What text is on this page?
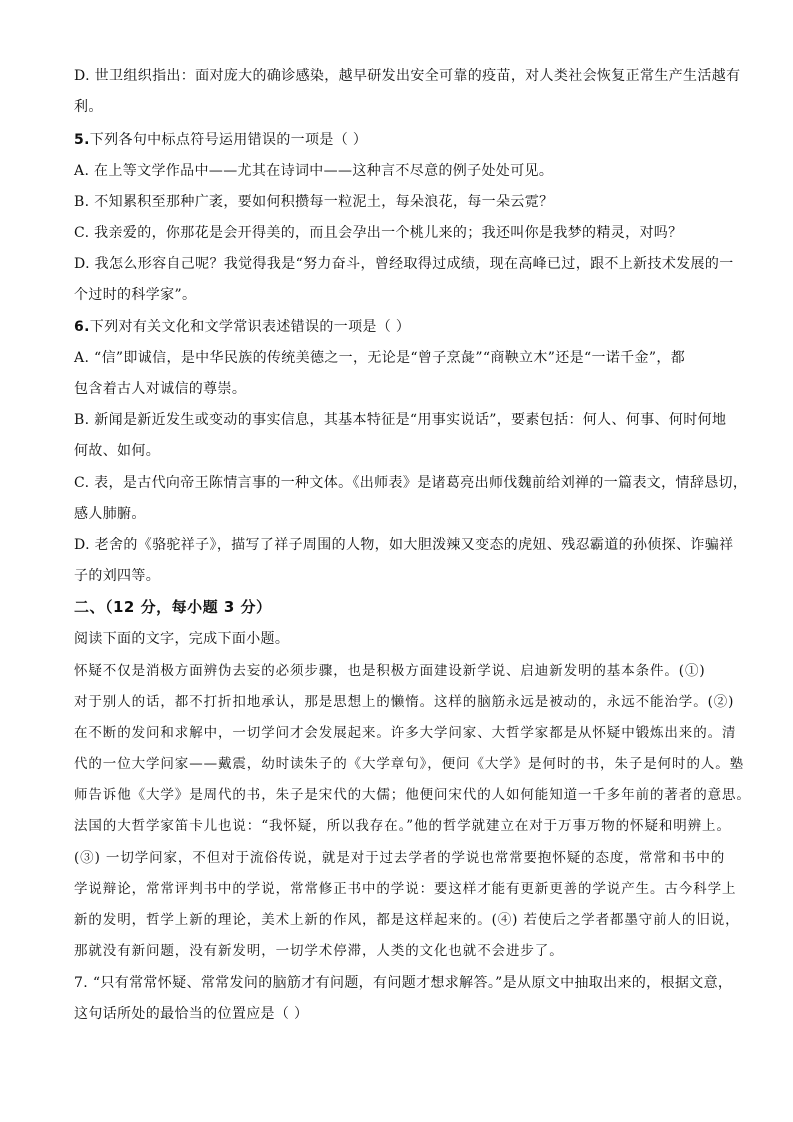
D. 世卫组织指出：面对庞大的确诊感染，越早研发出安全可靠的疫苗，对人类社会恢复正常生产生活越有
利。
5.下列各句中标点符号运用错误的一项是（ ）
A. 在上等文学作品中——尤其在诗词中——这种言不尽意的例子处处可见。
B. 不知累积至那种广袤，要如何积攒每一粒泥土，每朵浪花，每一朵云霓？
C. 我亲爱的，你那花是会开得美的，而且会孕出一个桃儿来的；我还叫你是我梦的精灵，对吗？
D. 我怎么形容自己呢？我觉得我是“努力奋斗，曾经取得过成绩，现在高峰已过，跟不上新技术发展的一
个过时的科学家”。
6.下列对有关文化和文学常识表述错误的一项是（ ）
A. “信”即诚信，是中华民族的传统美德之一，无论是“曾子烹彘”“商鞅立木”还是“一诺千金”，都
包含着古人对诚信的尊崇。
B. 新闻是新近发生或变动的事实信息，其基本特征是“用事实说话”，要素包括：何人、何事、何时何地
何故、如何。
C. 表，是古代向帝王陈情言事的一种文体。《出师表》是诸葛亮出师伐魏前给刘禅的一篇表文，情辞恳切，
感人肺腑。
D. 老舍的《骆驼祥子》，描写了祥子周围的人物，如大胆泼辣又变态的虎妞、残忍霸道的孙侦探、诈骗祥
子的刘四等。
二、（12 分，每小题 3 分）
阅读下面的文字，完成下面小题。
怀疑不仅是消极方面辨伪去妄的必须步骤，也是积极方面建设新学说、启迪新发明的基本条件。(①)
对于别人的话，都不打折扣地承认，那是思想上的懒惰。这样的脑筋永远是被动的，永远不能治学。(②)
在不断的发问和求解中，一切学问才会发展起来。许多大学问家、大哲学家都是从怀疑中锻炼出来的。清
代的一位大学问家——戴震，幼时读朱子的《大学章句》，便问《大学》是何时的书，朱子是何时的人。塾
师告诉他《大学》是周代的书，朱子是宋代的大儒；他便问宋代的人如何能知道一千多年前的著者的意思。
法国的大哲学家笛卡儿也说：“我怀疑，所以我存在。”他的哲学就建立在对于万事万物的怀疑和明辨上。
(③) 一切学问家，不但对于流俗传说，就是对于过去学者的学说也常常要抱怀疑的态度，常常和书中的
学说辩论，常常评判书中的学说，常常修正书中的学说：要这样才能有更新更善的学说产生。古今科学上
新的发明，哲学上新的理论，美术上新的作风，都是这样起来的。(④) 若使后之学者都墨守前人的旧说，
那就没有新问题，没有新发明，一切学术停滞，人类的文化也就不会进步了。
7. “只有常常怀疑、常常发问的脑筋才有问题，有问题才想求解答。”是从原文中抽取出来的，根据文意，
这句话所处的最恰当的位置应是（ ）
